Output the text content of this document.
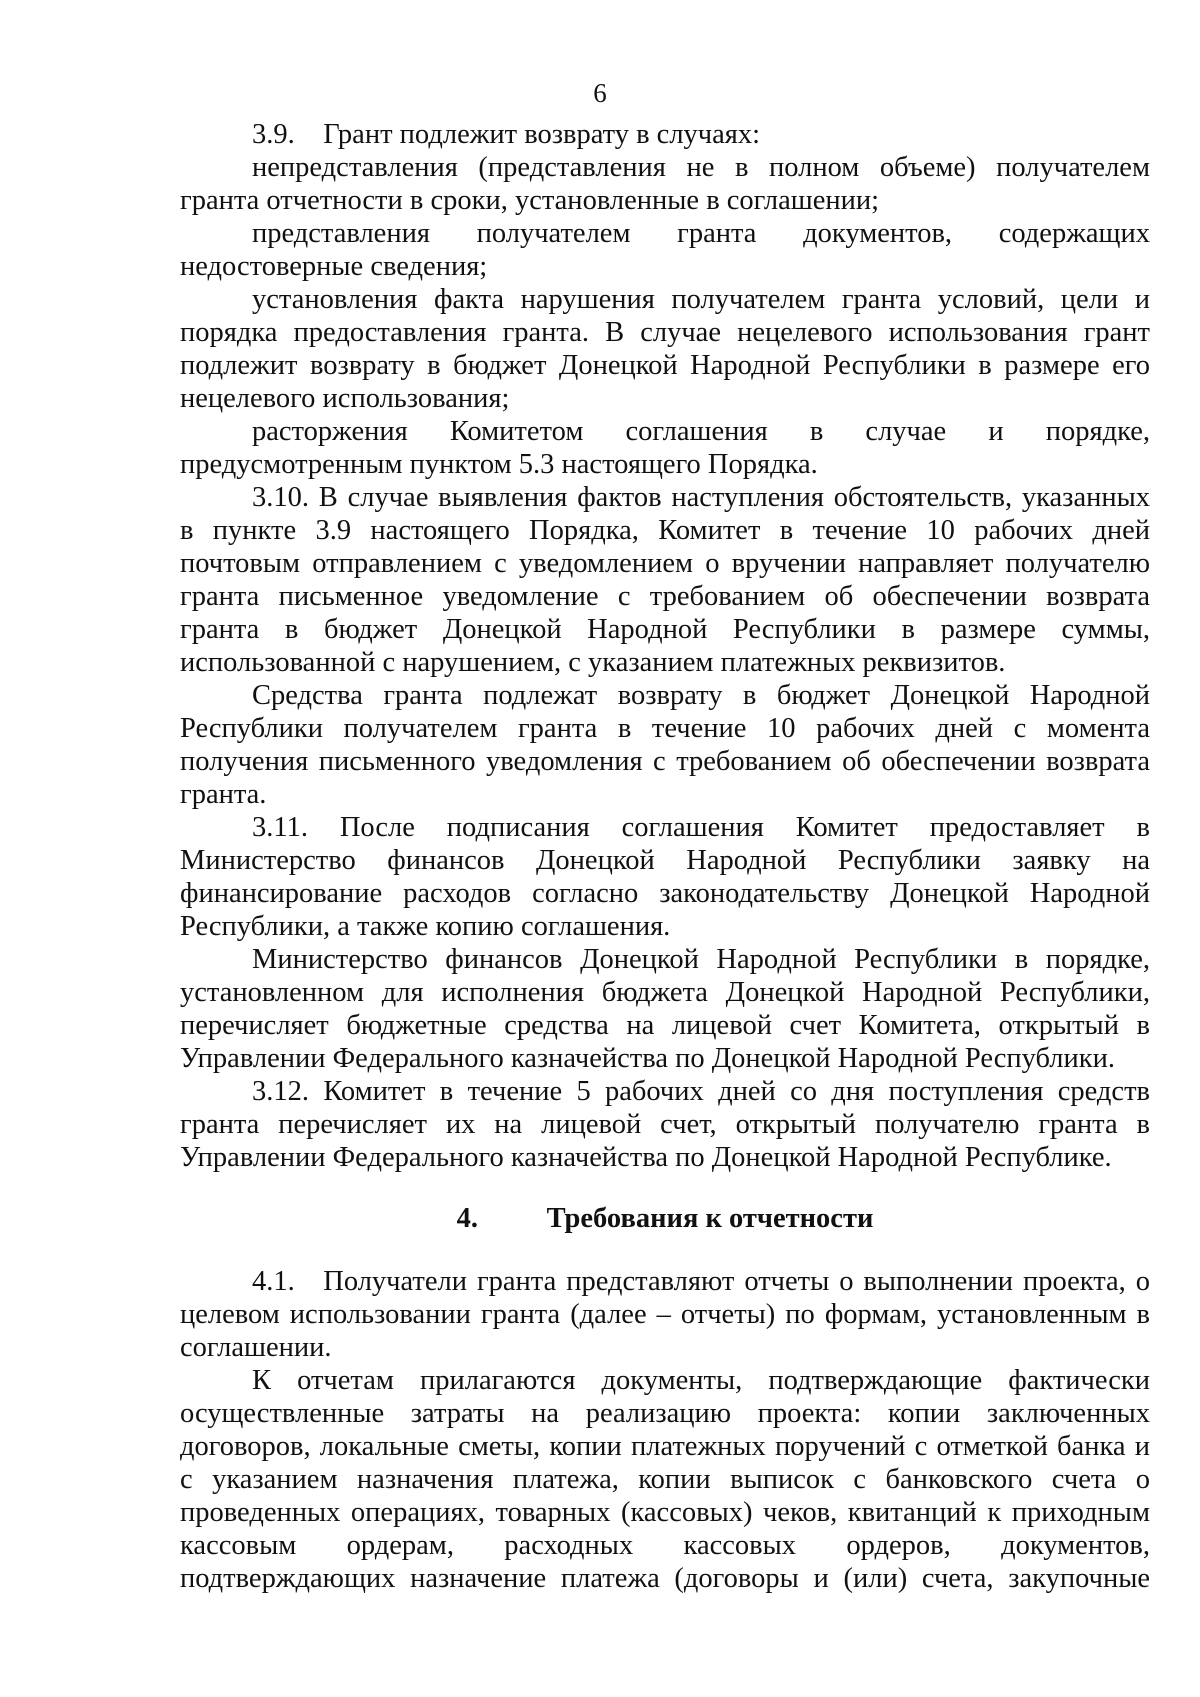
6

3.9. Грант подлежит возврату в случаях:

непредставления (представления не в полном объеме) получателем гранта отчетности в сроки, установленные в соглашении;

представления получателем гранта документов, содержащих недостоверные сведения;

установления факта нарушения получателем гранта условий, цели и порядка предоставления гранта. В случае нецелевого использования грант подлежит возврату в бюджет Донецкой Народной Республики в размере его нецелевого использования;

расторжения Комитетом соглашения в случае и порядке, предусмотренным пунктом 5.3 настоящего Порядка.

3.10. В случае выявления фактов наступления обстоятельств, указанных в пункте 3.9 настоящего Порядка, Комитет в течение 10 рабочих дней почтовым отправлением с уведомлением о вручении направляет получателю гранта письменное уведомление с требованием об обеспечении возврата гранта в бюджет Донецкой Народной Республики в размере суммы, использованной с нарушением, с указанием платежных реквизитов.

Средства гранта подлежат возврату в бюджет Донецкой Народной Республики получателем гранта в течение 10 рабочих дней с момента получения письменного уведомления с требованием об обеспечении возврата гранта.

3.11. После подписания соглашения Комитет предоставляет в Министерство финансов Донецкой Народной Республики заявку на финансирование расходов согласно законодательству Донецкой Народной Республики, а также копию соглашения.

Министерство финансов Донецкой Народной Республики в порядке, установленном для исполнения бюджета Донецкой Народной Республики, перечисляет бюджетные средства на лицевой счет Комитета, открытый в Управлении Федерального казначейства по Донецкой Народной Республики.

3.12. Комитет в течение 5 рабочих дней со дня поступления средств гранта перечисляет их на лицевой счет, открытый получателю гранта в Управлении Федерального казначейства по Донецкой Народной Республике.

4. Требования к отчетности

4.1. Получатели гранта представляют отчеты о выполнении проекта, о целевом использовании гранта (далее – отчеты) по формам, установленным в соглашении.

К отчетам прилагаются документы, подтверждающие фактически осуществленные затраты на реализацию проекта: копии заключенных договоров, локальные сметы, копии платежных поручений с отметкой банка и с указанием назначения платежа, копии выписок с банковского счета о проведенных операциях, товарных (кассовых) чеков, квитанций к приходным кассовым ордерам, расходных кассовых ордеров, документов, подтверждающих назначение платежа (договоры и (или) счета, закупочные
